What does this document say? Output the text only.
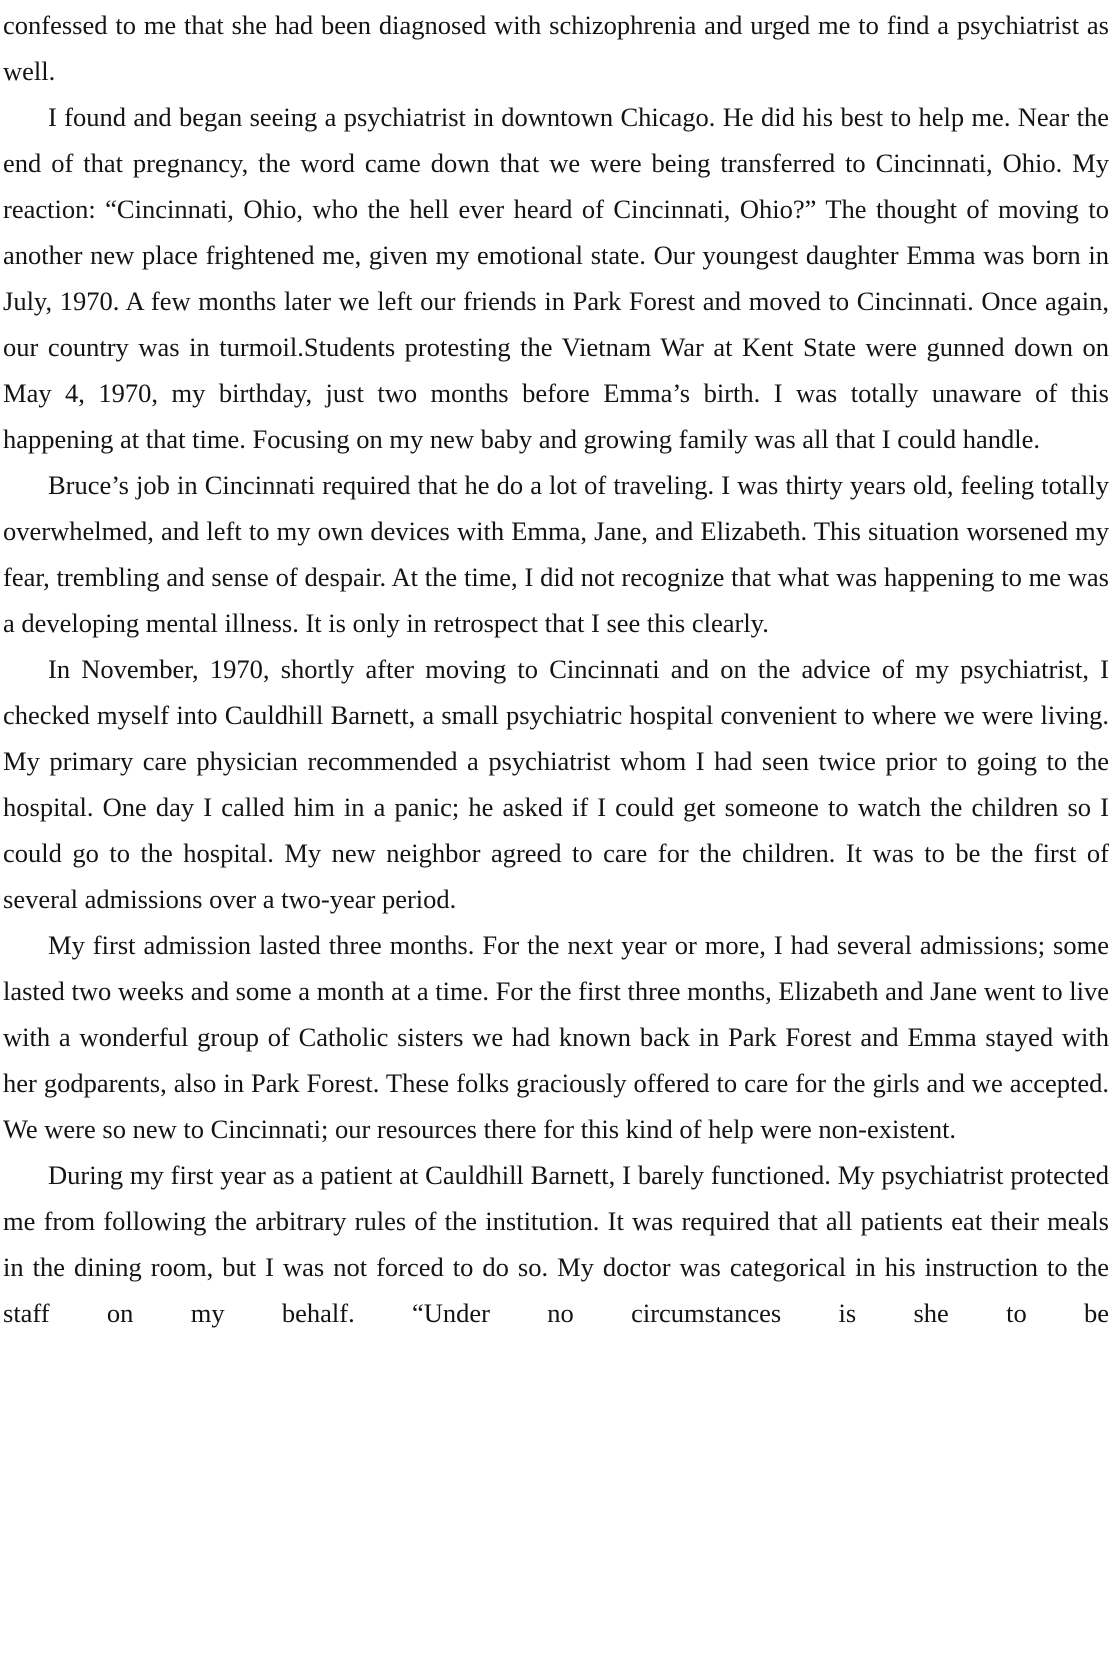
confessed to me that she had been diagnosed with schizophrenia and urged me to find a psychiatrist as well.

I found and began seeing a psychiatrist in downtown Chicago. He did his best to help me. Near the end of that pregnancy, the word came down that we were being transferred to Cincinnati, Ohio. My reaction: “Cincinnati, Ohio, who the hell ever heard of Cincinnati, Ohio?” The thought of moving to another new place frightened me, given my emotional state. Our youngest daughter Emma was born in July, 1970. A few months later we left our friends in Park Forest and moved to Cincinnati. Once again, our country was in turmoil.Students protesting the Vietnam War at Kent State were gunned down on May 4, 1970, my birthday, just two months before Emma’s birth. I was totally unaware of this happening at that time. Focusing on my new baby and growing family was all that I could handle.

Bruce’s job in Cincinnati required that he do a lot of traveling. I was thirty years old, feeling totally overwhelmed, and left to my own devices with Emma, Jane, and Elizabeth. This situation worsened my fear, trembling and sense of despair. At the time, I did not recognize that what was happening to me was a developing mental illness. It is only in retrospect that I see this clearly.

In November, 1970, shortly after moving to Cincinnati and on the advice of my psychiatrist, I checked myself into Cauldhill Barnett, a small psychiatric hospital convenient to where we were living. My primary care physician recommended a psychiatrist whom I had seen twice prior to going to the hospital. One day I called him in a panic; he asked if I could get someone to watch the children so I could go to the hospital. My new neighbor agreed to care for the children. It was to be the first of several admissions over a two-year period.

My first admission lasted three months. For the next year or more, I had several admissions; some lasted two weeks and some a month at a time. For the first three months, Elizabeth and Jane went to live with a wonderful group of Catholic sisters we had known back in Park Forest and Emma stayed with her godparents, also in Park Forest. These folks graciously offered to care for the girls and we accepted. We were so new to Cincinnati; our resources there for this kind of help were non-existent.

During my first year as a patient at Cauldhill Barnett, I barely functioned. My psychiatrist protected me from following the arbitrary rules of the institution. It was required that all patients eat their meals in the dining room, but I was not forced to do so. My doctor was categorical in his instruction to the staff on my behalf. “Under no circumstances is she to be
